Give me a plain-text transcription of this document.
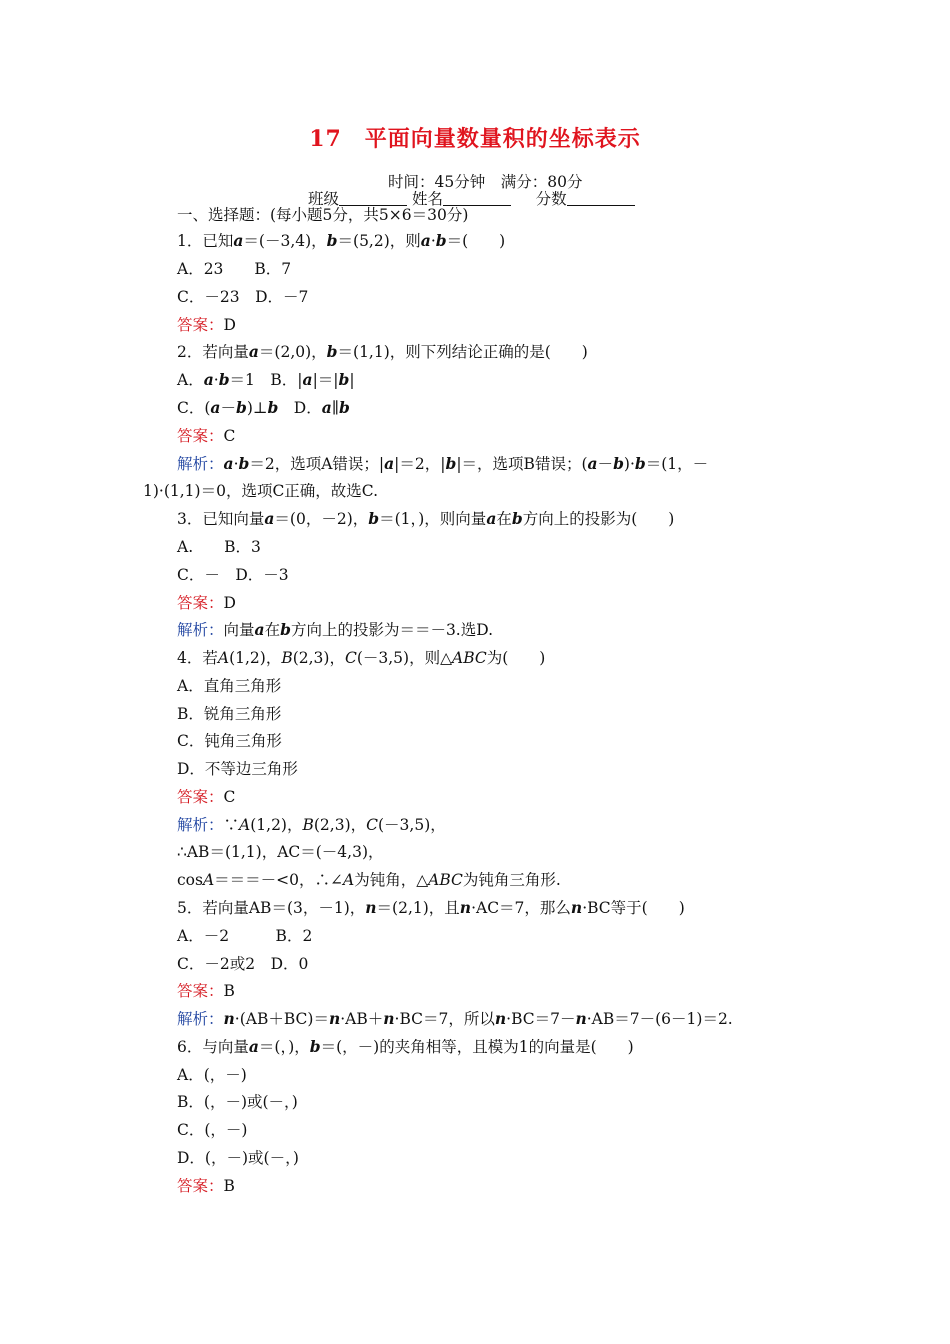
17　平面向量数量积的坐标表示
时间：45分钟　满分：80分
班级	姓名	分数
一、选择题：(每小题5分，共5×6＝30分)
1．已知a＝(－3,4)，b＝(5,2)，则a·b＝(　　)
A．23　　B．7
C．－23　D．－7
答案：D
2．若向量a＝(2,0)，b＝(1,1)，则下列结论正确的是(　　)
A．a·b＝1　B．|a|＝|b|
C．(a－b)⊥b　D．a∥b
答案：C
解析：a·b＝2，选项A错误；|a|＝2，|b|＝，选项B错误；(a－b)·b＝(1，－
1)·(1,1)＝0，选项C正确，故选C.
3．已知向量a＝(0，－2)，b＝(1，)，则向量a在b方向上的投影为(　　)
A.　　B．3
C．－　D．－3
答案：D
解析：向量a在b方向上的投影为＝＝－3.选D.
4．若A(1,2)，B(2,3)，C(－3,5)，则△ABC为(　　)
A．直角三角形
B．锐角三角形
C．钝角三角形
D．不等边三角形
答案：C
解析：∵A(1,2)，B(2,3)，C(－3,5)，
∴AB＝(1,1)，AC＝(－4,3)，
cosA＝＝＝－<0，∴∠A为钝角，△ABC为钝角三角形.
5．若向量AB＝(3，－1)，n＝(2,1)，且n·AC＝7，那么n·BC等于(　　)
A．－2　　　B．2
C．－2或2　D．0
答案：B
解析：n·(AB＋BC)＝n·AB＋n·BC＝7，所以n·BC＝7－n·AB＝7－(6－1)＝2.
6．与向量a＝(，)，b＝(，－)的夹角相等，且模为1的向量是(　　)
A．(，－)
B．(，－)或(－，)
C．(，－)
D．(，－)或(－，)
答案：B
